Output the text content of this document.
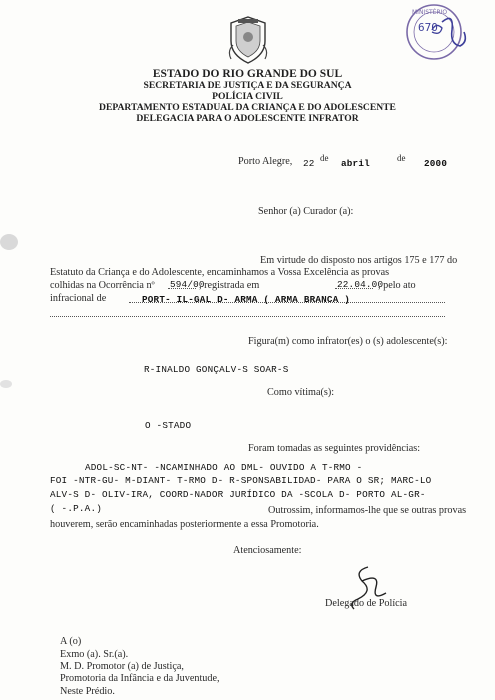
MINISTÉRIO
670
ESTADO DO RIO GRANDE DO SUL
SECRETARIA DE JUSTIÇA E DA SEGURANÇA
POLÍCIA CIVIL
DEPARTAMENTO ESTADUAL DA CRIANÇA E DO ADOLESCENTE
DELEGACIA PARA O ADOLESCENTE INFRATOR
Porto Alegre, 22 de abril	de 2000
Senhor (a) Curador (a):
Em virtude do disposto nos artigos 175 e 177 do
Estatuto da Criança e do Adolescente, encaminhamos a Vossa Excelência as provas
colhidas na Ocorrência nº 594/00
, registrada em	22.04.00
, pelo ato
infracional de	PORT- IL-GAL D- ARMA ( ARMA BRANCA )
Figura(m) como infrator(es) o (s) adolescente(s):
R-INALDO GONÇALV-S SOAR-S
Como vítima(s):
O -STADO
Foram tomadas as seguintes providências:
ADOL-SC-NT- -NCAMINHADO AO DML- OUVIDO A T-RMO -
FOI -NTR-GU- M-DIANT- T-RMO D- R-SPONSABILIDAD- PARA O SR; MARC-LO
ALV-S D- OLIV-IRA, COORD-NADOR JURÍDICO DA -SCOLA D- PORTO AL-GR-
( -.P.A.)	Outrossim, informamos-lhe que se outras provas
houverem, serão encaminhadas posteriormente a essa Promotoria.
Atenciosamente:
Delegado de Polícia
A (o)
Exmo (a). Sr.(a).
M. D. Promotor (a) de Justiça,
Promotoria da Infância e da Juventude,
Neste Prédio.
